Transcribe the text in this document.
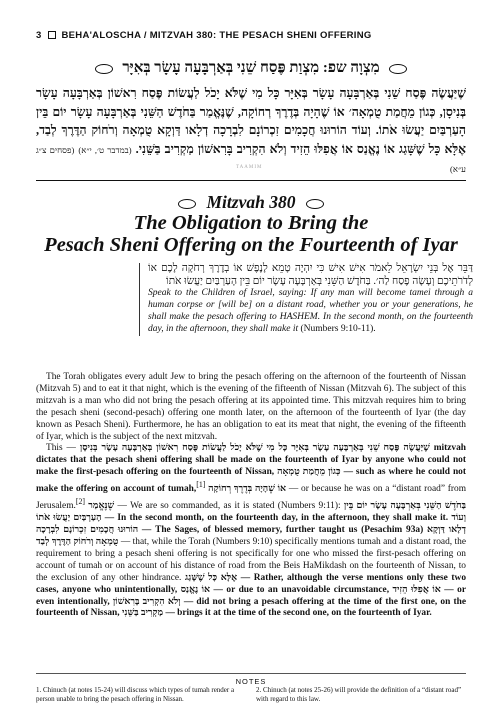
3 BEHA'ALOSCHA / MITZVAH 380: THE PESACH SHENI OFFERING
מִצְוָה שפ: מִצְוַת פֶּסַח שֵׁנִי בְּאַרְבָּעָה עָשָׂר בְּאִיָּר
שֶׁיַּעֲשֶׂה פֶּסַח שֵׁנִי בְּאַרְבָּעָה עָשָׂר בְּאִיָּר כָּל מִי שֶׁלֹּא יָכֹל לַעֲשׂוֹת פֶּסַח רִאשׁוֹן בְּאַרְבָּעָה עָשָׂר בְּנִיסָן, כְּגוֹן מֵחֲמַת טֻמְאָה׳ אוֹ שֶׁהָיָה בְּדֶרֶךְ רְחוֹקָה, שֶׁנֶּאֱמַר בַּחֹדֶשׁ הַשֵּׁנִי בְּאַרְבָּעָה עָשָׂר יוֹם בֵּין הָעַרְבַּיִם יַעֲשׂוּ אֹתוֹ. וְעוֹד הוֹרוּנוּ חֲכָמִים זִכְרוֹנָם לִבְרָכָה דְלָאו דַּוְקָא טֻמְאָה וְרֹחוֹק הַדֶּרֶךְ לְבַד, אֶלָּא כָּל שֶׁשָּׁגַג אוֹ נֶאֱנַס אוֹ אֲפִלּוּ הֵזִיד וְלֹא הִקְרִיב בָּרִאשׁוֹן מַקְרִיב בַּשֵּׁנִי. (במדבר ט׳, י״א) (פסחים צ״ג ע״א)
TAAMIM
Mitzvah 380
The Obligation to Bring the
Pesach Sheni Offering on the Fourteenth of Iyar
דַּבֵּר אֶל בְּנֵי יִשְׂרָאֵל לֵאמֹר אִישׁ אִישׁ כִּי יִהְיֶה טָמֵא לָנֶפֶשׁ אוֹ בְדֶרֶךְ רְחֹקָה לָכֶם אוֹ לְדֹרֹתֵיכֶם וְעָשָׂה פֶסַח לַה׳. בַּחֹדֶשׁ הַשֵּׁנִי בְּאַרְבָּעָה עָשָׂר יוֹם בֵּין הָעַרְבַּיִם יַעֲשׂוּ אֹתוֹ
Speak to the Children of Israel, saying: If any man will become tamei through a human corpse or [will be] on a distant road, whether you or your generations, he shall make the pesach offering to HASHEM. In the second month, on the fourteenth day, in the afternoon, they shall make it (Numbers 9:10-11).

The Torah obligates every adult Jew to bring the pesach offering on the afternoon of the fourteenth of Nissan (Mitzvah 5) and to eat it that night, which is the evening of the fifteenth of Nissan (Mitzvah 6). The subject of this mitzvah is a man who did not bring the pesach offering at its appointed time. This mitzvah requires him to bring the pesach sheni (second-pesach) offering one month later, on the afternoon of the fourteenth of Iyar (the day known as Pesach Sheni). Furthermore, he has an obligation to eat its meat that night, the evening of the fifteenth of Iyar, which is the subject of the next mitzvah.

This — שֶׁיַּעֲשֶׂה פֶּסַח שֵׁנִי בְּאַרְבָּעָה עָשָׂר בְּאִיָּר כָּל מִי שֶׁלֹּא יָכֹל לַעֲשׂוֹת פֶּסַח רִאשׁוֹן בְּאַרְבָּעָה עָשָׂר בְּנִיסָן mitzvah dictates that the pesach sheni offering shall be made on the fourteenth of Iyar by anyone who could not make the first-pesach offering on the fourteenth of Nissan, כְּגוֹן מֵחֲמַת טֻמְאָה — such as where he could not make the offering on account of tumah,[1] אוֹ שֶׁהָיָה בְּדֶרֶךְ רְחוֹקָה — or because he was on a “distant road” from Jerusalem.[2] שֶׁנֶּאֱמַר — We are so commanded, as it is stated (Numbers 9:11): בַּחֹדֶשׁ הַשֵּׁנִי בְּאַרְבָּעָה עָשָׂר יוֹם בֵּין הָעַרְבַּיִם יַעֲשׂוּ אֹתוֹ — In the second month, on the fourteenth day, in the afternoon, they shall make it. וְעוֹד הוֹרוּנוּ חֲכָמִים זִכְרוֹנָם לִבְרָכָה — The Sages, of blessed memory, further taught us (Pesachim 93a) דְלָאו דַּוְקָא טֻמְאָה וְרֹחוֹק הַדֶּרֶךְ לְבַד — that, while the Torah (Numbers 9:10) specifically mentions tumah and a distant road, the requirement to bring a pesach sheni offering is not specifically for one who missed the first-pesach offering on account of tumah or on account of his distance of road from the Beis HaMikdash on the fourteenth of Nissan, to the exclusion of any other hindrance. אֶלָּא כָּל שֶׁשָּׁגַג — Rather, although the verse mentions only these two cases, anyone who unintentionally, אוֹ נֶאֱנַס — or due to an unavoidable circumstance, אוֹ אֲפִלּוּ הֵזִיד — or even intentionally, וְלֹא הִקְרִיב בָּרִאשׁוֹן — did not bring a pesach offering at the time of the first one, on the fourteenth of Nissan, מַקְרִיב בַּשֵּׁנִי — brings it at the time of the second one, on the fourteenth of Iyar.

NOTES
1. Chinuch (at notes 15-24) will discuss which types of tumah render a person unable to bring the pesach offering in Nissan.
2. Chinuch (at notes 25-26) will provide the definition of a “distant road” with regard to this law.
